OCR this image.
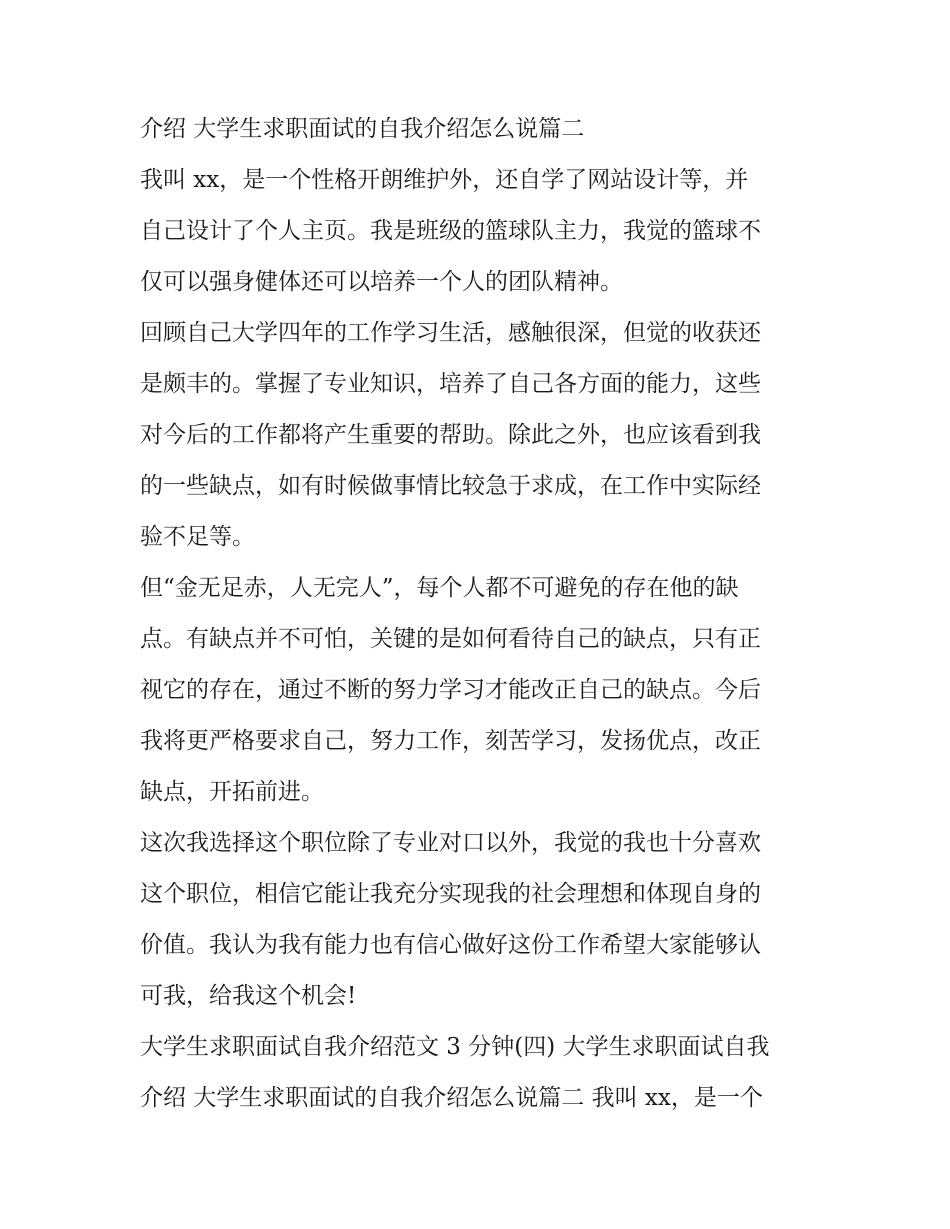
介绍 大学生求职面试的自我介绍怎么说篇二
我叫 xx，是一个性格开朗维护外，还自学了网站设计等，并
自己设计了个人主页。我是班级的篮球队主力，我觉的篮球不
仅可以强身健体还可以培养一个人的团队精神。
回顾自己大学四年的工作学习生活，感触很深，但觉的收获还
是颇丰的。掌握了专业知识，培养了自己各方面的能力，这些
对今后的工作都将产生重要的帮助。除此之外，也应该看到我
的一些缺点，如有时候做事情比较急于求成，在工作中实际经
验不足等。
但“金无足赤，人无完人”，每个人都不可避免的存在他的缺
点。有缺点并不可怕，关键的是如何看待自己的缺点，只有正
视它的存在，通过不断的努力学习才能改正自己的缺点。今后
我将更严格要求自己，努力工作，刻苦学习，发扬优点，改正
缺点，开拓前进。
这次我选择这个职位除了专业对口以外，我觉的我也十分喜欢
这个职位，相信它能让我充分实现我的社会理想和体现自身的
价值。我认为我有能力也有信心做好这份工作希望大家能够认
可我，给我这个机会!
大学生求职面试自我介绍范文 3 分钟(四) 大学生求职面试自我
介绍 大学生求职面试的自我介绍怎么说篇二 我叫 xx，是一个
